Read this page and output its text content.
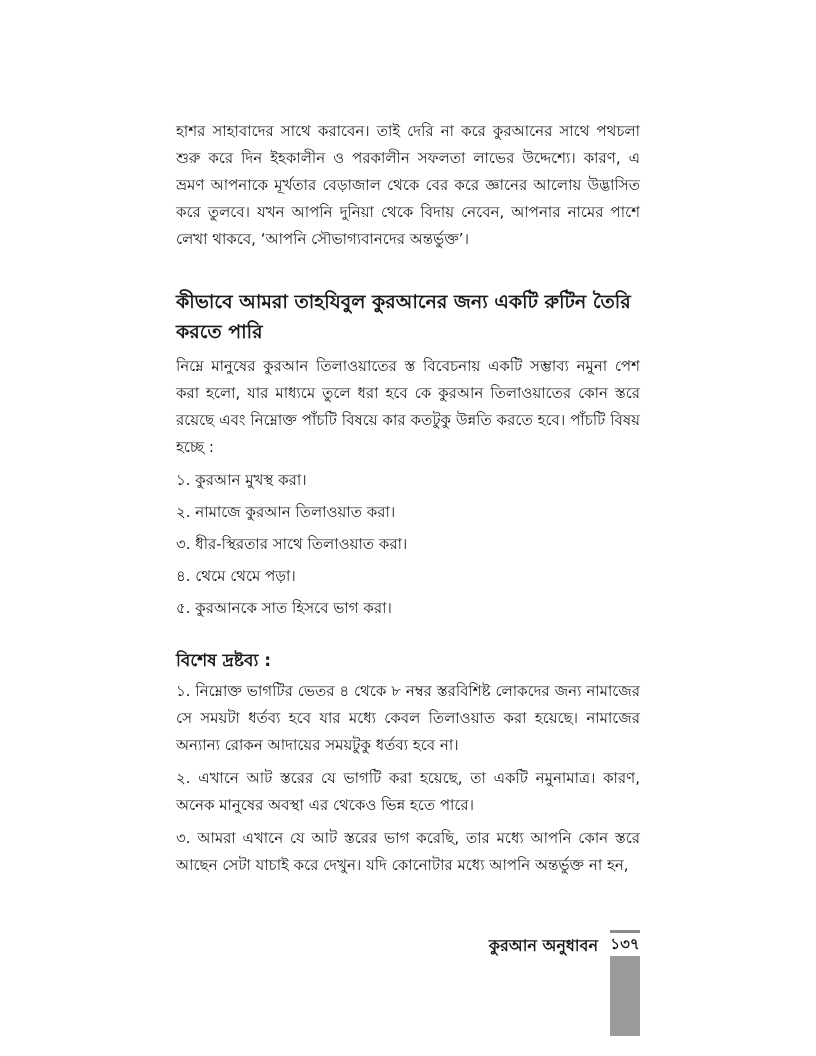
হাশর সাহাবাদের সাথে করাবেন। তাই দেরি না করে কুরআনের সাথে পথচলা শুরু করে দিন ইহকালীন ও পরকালীন সফলতা লাভের উদ্দেশ্যে। কারণ, এ ভ্রমণ আপনাকে মূর্খতার বেড়াজাল থেকে বের করে জ্ঞানের আলোয় উদ্ভাসিত করে তুলবে। যখন আপনি দুনিয়া থেকে বিদায় নেবেন, আপনার নামের পাশে লেখা থাকবে, ‘আপনি সৌভাগ্যবানদের অন্তর্ভুক্ত’।

কীভাবে আমরা তাহযিবুল কুরআনের জন্য একটি রুটিন তৈরি করতে পারি

নিম্নে মানুষের কুরআন তিলাওয়াতের স্ত বিবেচনায় একটি সম্ভাব্য নমুনা পেশ করা হলো, যার মাধ্যমে তুলে ধরা হবে কে কুরআন তিলাওয়াতের কোন স্তরে রয়েছে এবং নিম্নোক্ত পাঁচটি বিষয়ে কার কতটুকু উন্নতি করতে হবে। পাঁচটি বিষয় হচ্ছে :

১. কুরআন মুখস্থ করা।
২. নামাজে কুরআন তিলাওয়াত করা।
৩. ধীর-স্থিরতার সাথে তিলাওয়াত করা।
৪. থেমে থেমে পড়া।
৫. কুরআনকে সাত হিসবে ভাগ করা।
বিশেষ দ্রষ্টব্য :

১. নিম্নোক্ত ভাগটির ভেতর ৪ থেকে ৮ নম্বর স্তরবিশিষ্ট লোকদের জন্য নামাজের সে সময়টা ধর্তব্য হবে যার মধ্যে কেবল তিলাওয়াত করা হয়েছে। নামাজের অন্যান্য রোকন আদায়ের সময়টুকু ধর্তব্য হবে না।

২. এখানে আট স্তরের যে ভাগটি করা হয়েছে, তা একটি নমুনামাত্র। কারণ, অনেক মানুষের অবস্থা এর থেকেও ভিন্ন হতে পারে।

৩. আমরা এখানে যে আট স্তরের ভাগ করেছি, তার মধ্যে আপনি কোন স্তরে আছেন সেটা যাচাই করে দেখুন। যদি কোনোটার মধ্যে আপনি অন্তর্ভুক্ত না হন,

কুরআন অনুধাবন ১৩৭
